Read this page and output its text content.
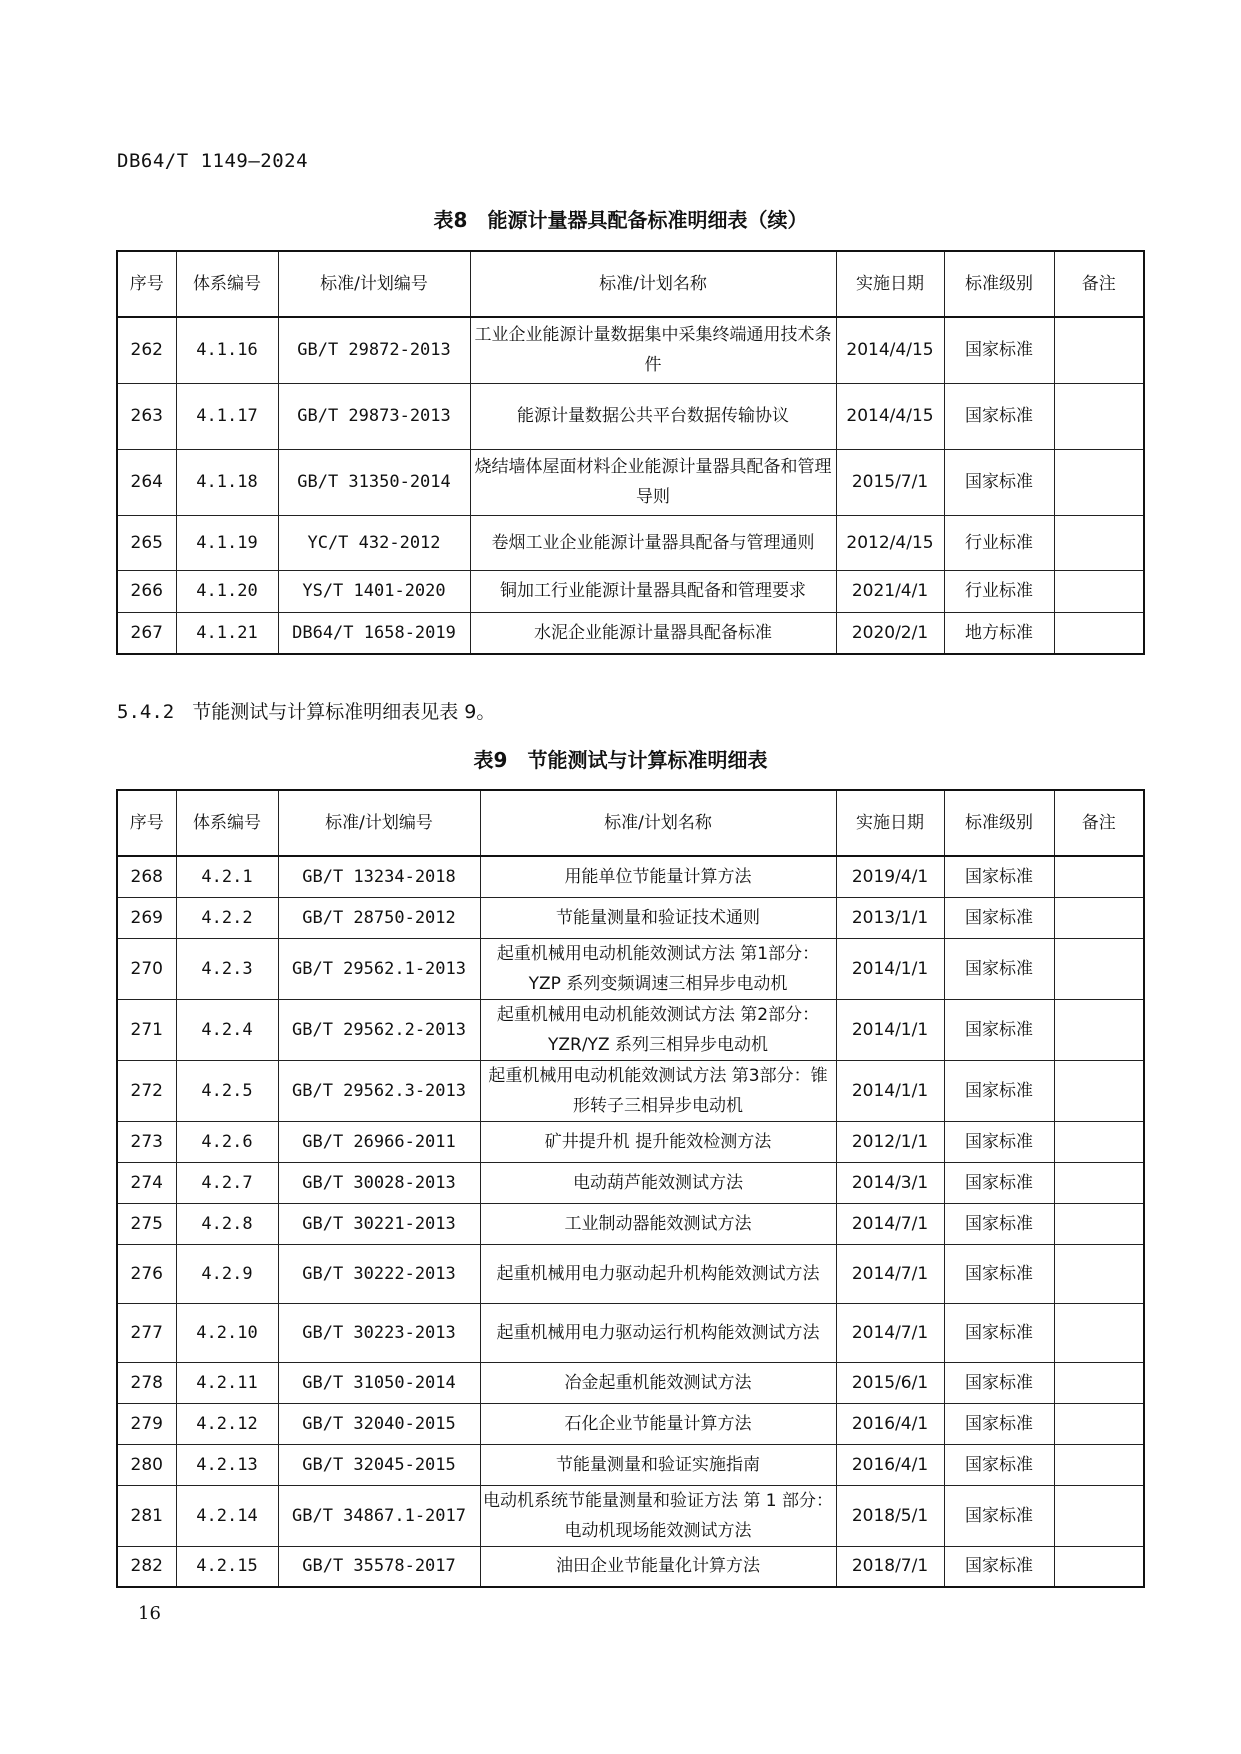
DB64/T 1149—2024
表8　能源计量器具配备标准明细表（续）
序号	体系编号	标准/计划编号	标准/计划名称	实施日期	标准级别	备注
262	4.1.16	GB/T 29872-2013	工业企业能源计量数据集中采集终端通用技术条件	2014/4/15	国家标准	
263	4.1.17	GB/T 29873-2013	能源计量数据公共平台数据传输协议	2014/4/15	国家标准	
264	4.1.18	GB/T 31350-2014	烧结墙体屋面材料企业能源计量器具配备和管理导则	2015/7/1	国家标准	
265	4.1.19	YC/T 432-2012	卷烟工业企业能源计量器具配备与管理通则	2012/4/15	行业标准	
266	4.1.20	YS/T 1401-2020	铜加工行业能源计量器具配备和管理要求	2021/4/1	行业标准	
267	4.1.21	DB64/T 1658-2019	水泥企业能源计量器具配备标准	2020/2/1	地方标准	
5.4.2 节能测试与计算标准明细表见表 9。
表9　节能测试与计算标准明细表
序号	体系编号	标准/计划编号	标准/计划名称	实施日期	标准级别	备注
268	4.2.1	GB/T 13234-2018	用能单位节能量计算方法	2019/4/1	国家标准	
269	4.2.2	GB/T 28750-2012	节能量测量和验证技术通则	2013/1/1	国家标准	
270	4.2.3	GB/T 29562.1-2013	起重机械用电动机能效测试方法 第1部分：YZP 系列变频调速三相异步电动机	2014/1/1	国家标准	
271	4.2.4	GB/T 29562.2-2013	起重机械用电动机能效测试方法 第2部分：YZR/YZ 系列三相异步电动机	2014/1/1	国家标准	
272	4.2.5	GB/T 29562.3-2013	起重机械用电动机能效测试方法 第3部分：锥形转子三相异步电动机	2014/1/1	国家标准	
273	4.2.6	GB/T 26966-2011	矿井提升机 提升能效检测方法	2012/1/1	国家标准	
274	4.2.7	GB/T 30028-2013	电动葫芦能效测试方法	2014/3/1	国家标准	
275	4.2.8	GB/T 30221-2013	工业制动器能效测试方法	2014/7/1	国家标准	
276	4.2.9	GB/T 30222-2013	起重机械用电力驱动起升机构能效测试方法	2014/7/1	国家标准	
277	4.2.10	GB/T 30223-2013	起重机械用电力驱动运行机构能效测试方法	2014/7/1	国家标准	
278	4.2.11	GB/T 31050-2014	冶金起重机能效测试方法	2015/6/1	国家标准	
279	4.2.12	GB/T 32040-2015	石化企业节能量计算方法	2016/4/1	国家标准	
280	4.2.13	GB/T 32045-2015	节能量测量和验证实施指南	2016/4/1	国家标准	
281	4.2.14	GB/T 34867.1-2017	电动机系统节能量测量和验证方法 第 1 部分：电动机现场能效测试方法	2018/5/1	国家标准	
282	4.2.15	GB/T 35578-2017	油田企业节能量化计算方法	2018/7/1	国家标准	
16
